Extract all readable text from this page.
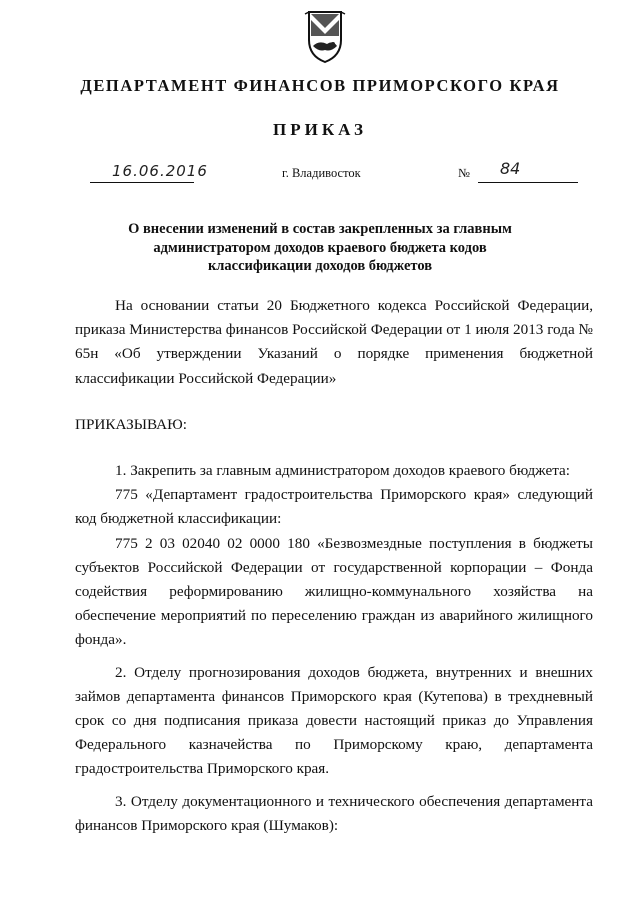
ДЕПАРТАМЕНТ ФИНАНСОВ ПРИМОРСКОГО КРАЯ
ПРИКАЗ
16.06.2016	г. Владивосток	№ 84
О внесении изменений в состав закрепленных за главным администратором доходов краевого бюджета кодов классификации доходов бюджетов

На основании статьи 20 Бюджетного кодекса Российской Федерации, приказа Министерства финансов Российской Федерации от 1 июля 2013 года № 65н «Об утверждении Указаний о порядке применения бюджетной классификации Российской Федерации»

ПРИКАЗЫВАЮ:

1. Закрепить за главным администратором доходов краевого бюджета:

775 «Департамент градостроительства Приморского края» следующий код бюджетной классификации:

775 2 03 02040 02 0000 180 «Безвозмездные поступления в бюджеты субъектов Российской Федерации от государственной корпорации – Фонда содействия реформированию жилищно-коммунального хозяйства на обеспечение мероприятий по переселению граждан из аварийного жилищного фонда».

2. Отделу прогнозирования доходов бюджета, внутренних и внешних займов департамента финансов Приморского края (Кутепова) в трехдневный срок со дня подписания приказа довести настоящий приказ до Управления Федерального казначейства по Приморскому краю, департамента градостроительства Приморского края.

3. Отделу документационного и технического обеспечения департамента финансов Приморского края (Шумаков):
